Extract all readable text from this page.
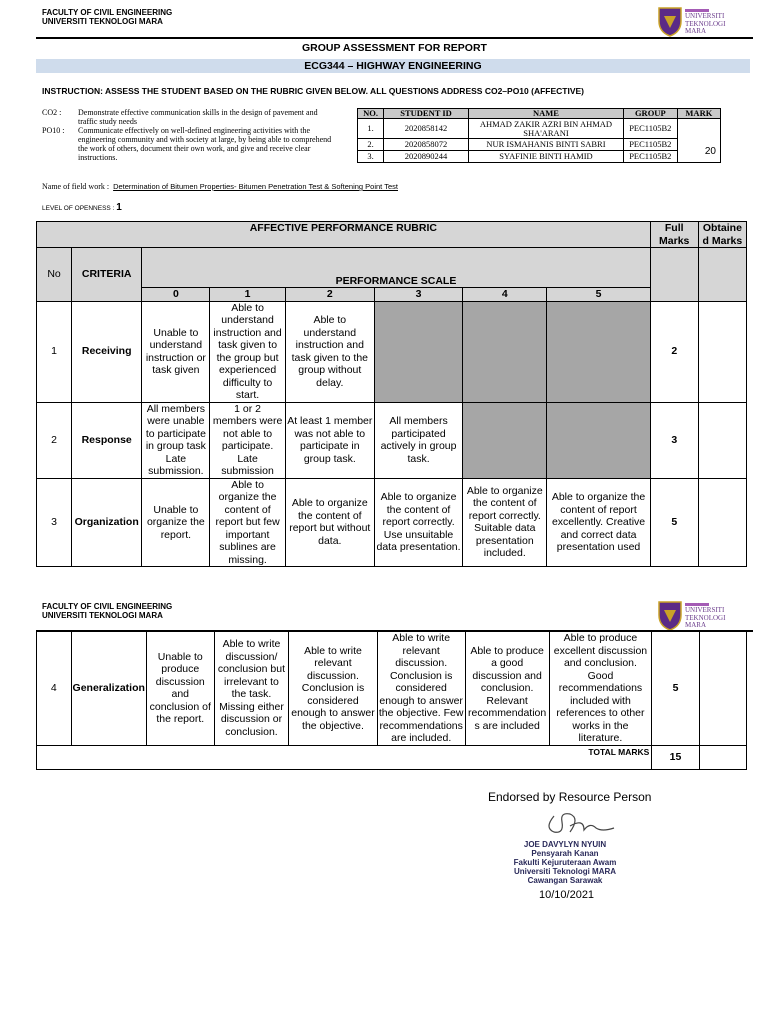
FACULTY OF CIVIL ENGINEERING
UNIVERSITI TEKNOLOGI MARA
UNIVERSITI
TEKNOLOGI
MARA
GROUP ASSESSMENT FOR REPORT
ECG344 – HIGHWAY ENGINEERING
INSTRUCTION: ASSESS THE STUDENT BASED ON THE RUBRIC GIVEN BELOW. ALL QUESTIONS ADDRESS CO2–PO10 (AFFECTIVE)
CO2 :	Demonstrate effective communication skills in the design of pavement and traffic study needs
PO10 :	Communicate effectively on well-defined engineering activities with the engineering community and with society at large, by being able to comprehend the work of others, document their own work, and give and receive clear instructions.
NO.	STUDENT ID	NAME	GROUP	MARK
1.	2020858142	AHMAD ZAKIR AZRI BIN AHMAD SHA'ARANI	PEC1105B2	20
2.	2020858072	NUR ISMAHANIS BINTI SABRI	PEC1105B2	
3.	2020890244	SYAFINIE BINTI HAMID	PEC1105B2	
Name of field work : Determination of Bitumen Properties- Bitumen Penetration Test & Softening Point Test
LEVEL OF OPENNESS : 1
AFFECTIVE PERFORMANCE RUBRIC								Full Marks	Obtaine d Marks
No	CRITERIA	PERFORMANCE SCALE							
		0	1	2	3	4	5		
1	Receiving	Unable to understand instruction or task given	Able to understand instruction and task given to the group but experienced difficulty to start.	Able to understand instruction and task given to the group without delay.				2	
2	Response	All members were unable to participate in group task Late submission.	1 or 2 members were not able to participate. Late submission	At least 1 member was not able to participate in group task.	All members participated actively in group task.			3	
3	Organization	Unable to organize the report.	Able to organize the content of report but few important sublines are missing.	Able to organize the content of report but without data.	Able to organize the content of report correctly. Use unsuitable data presentation.	Able to organize the content of report correctly. Suitable data presentation included.	Able to organize the content of report excellently. Creative and correct data presentation used	5	
FACULTY OF CIVIL ENGINEERING
UNIVERSITI TEKNOLOGI MARA
UNIVERSITI
TEKNOLOGI
MARA
4	Generalization	Unable to produce discussion and conclusion of the report.	Able to write discussion/ conclusion but irrelevant to the task. Missing either discussion or conclusion.	Able to write relevant discussion. Conclusion is considered enough to answer the objective.	Able to write relevant discussion. Conclusion is considered enough to answer the objective. Few recommendations are included.	Able to produce a good discussion and conclusion. Relevant recommendation s are included	Able to produce excellent discussion and conclusion. Good recommendations included with references to other works in the literature.	5	
TOTAL MARKS								15	
Endorsed by Resource Person
JOE DAVYLYN NYUIN
Pensyarah Kanan
Fakulti Kejuruteraan Awam
Universiti Teknologi MARA
Cawangan Sarawak
10/10/2021
